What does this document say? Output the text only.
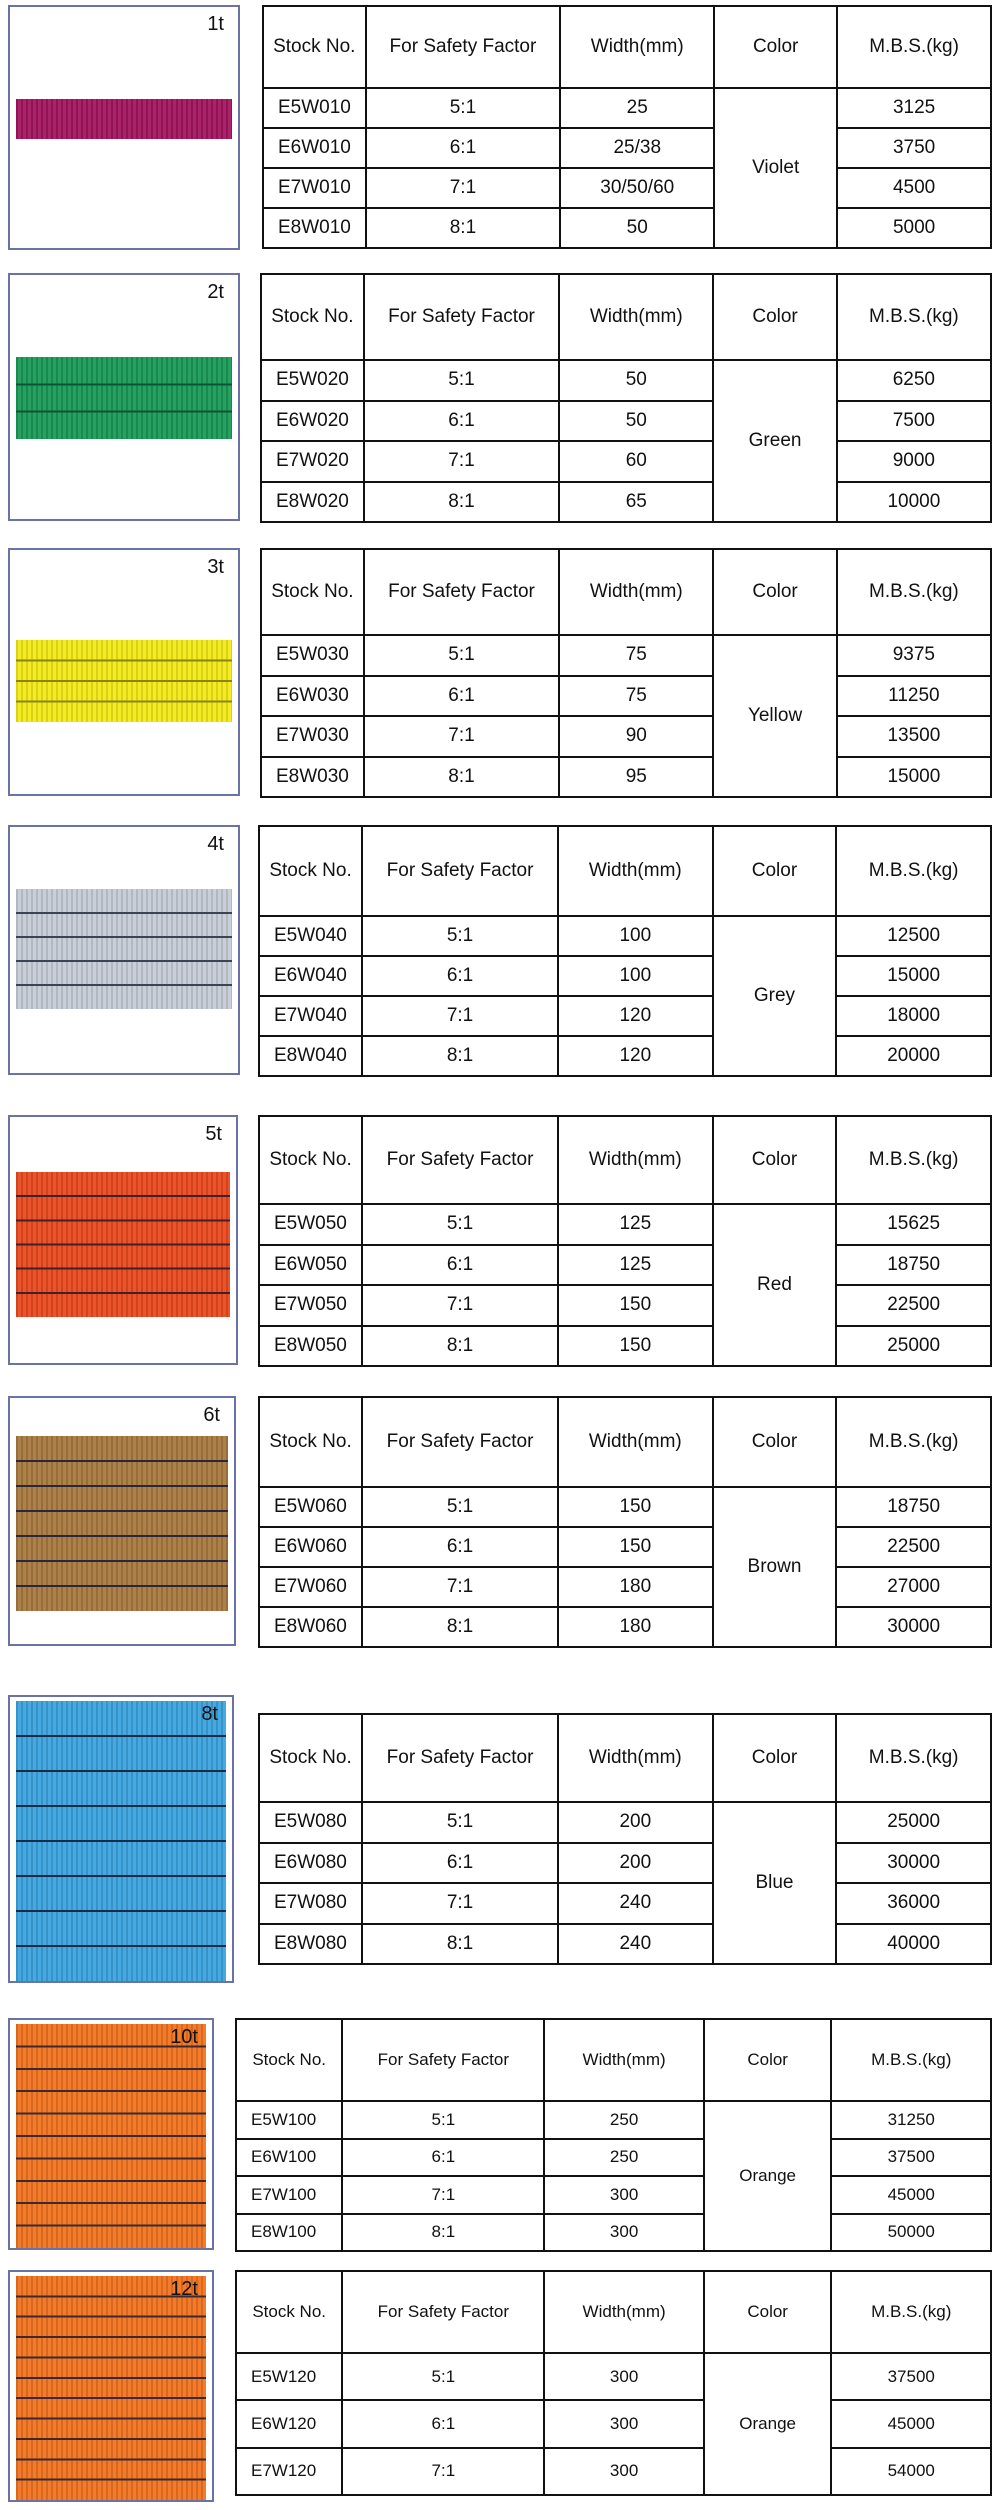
1t
Stock No.	For Safety Factor	Width(mm)	Color	M.B.S.(kg)
E5W010	5:1	25	Violet	3125
E6W010	6:1	25/38		3750
E7W010	7:1	30/50/60		4500
E8W010	8:1	50		5000
2t
Stock No.	For Safety Factor	Width(mm)	Color	M.B.S.(kg)
E5W020	5:1	50	Green	6250
E6W020	6:1	50		7500
E7W020	7:1	60		9000
E8W020	8:1	65		10000
3t
Stock No.	For Safety Factor	Width(mm)	Color	M.B.S.(kg)
E5W030	5:1	75	Yellow	9375
E6W030	6:1	75		11250
E7W030	7:1	90		13500
E8W030	8:1	95		15000
4t
Stock No.	For Safety Factor	Width(mm)	Color	M.B.S.(kg)
E5W040	5:1	100	Grey	12500
E6W040	6:1	100		15000
E7W040	7:1	120		18000
E8W040	8:1	120		20000
5t
Stock No.	For Safety Factor	Width(mm)	Color	M.B.S.(kg)
E5W050	5:1	125	Red	15625
E6W050	6:1	125		18750
E7W050	7:1	150		22500
E8W050	8:1	150		25000
6t
Stock No.	For Safety Factor	Width(mm)	Color	M.B.S.(kg)
E5W060	5:1	150	Brown	18750
E6W060	6:1	150		22500
E7W060	7:1	180		27000
E8W060	8:1	180		30000
8t
Stock No.	For Safety Factor	Width(mm)	Color	M.B.S.(kg)
E5W080	5:1	200	Blue	25000
E6W080	6:1	200		30000
E7W080	7:1	240		36000
E8W080	8:1	240		40000
10t
Stock No.	For Safety Factor	Width(mm)	Color	M.B.S.(kg)
E5W100	5:1	250	Orange	31250
E6W100	6:1	250		37500
E7W100	7:1	300		45000
E8W100	8:1	300		50000
12t
Stock No.	For Safety Factor	Width(mm)	Color	M.B.S.(kg)
E5W120	5:1	300	Orange	37500
E6W120	6:1	300		45000
E7W120	7:1	300		54000
